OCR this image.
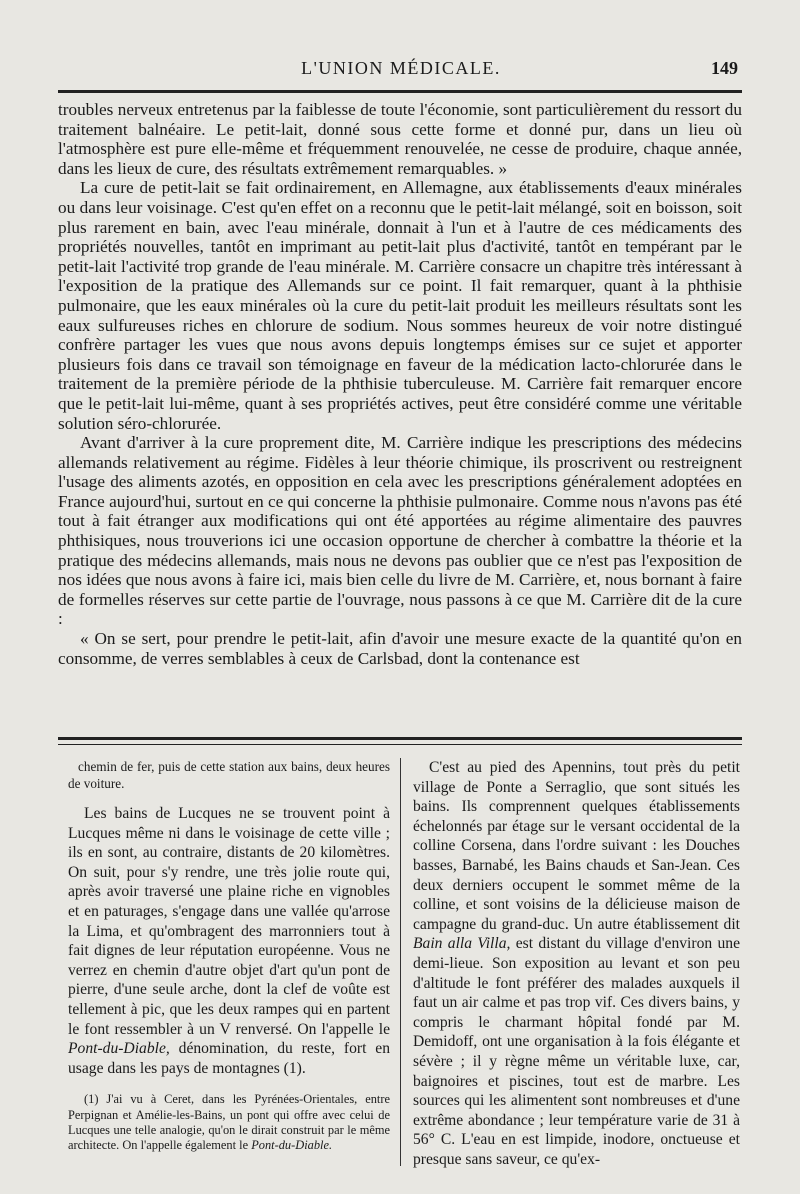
L'UNION MÉDICALE.	149

troubles nerveux entretenus par la faiblesse de toute l'économie, sont particulièrement du ressort du traitement balnéaire. Le petit-lait, donné sous cette forme et donné pur, dans un lieu où l'atmosphère est pure elle-même et fréquemment renouvelée, ne cesse de produire, chaque année, dans les lieux de cure, des résultats extrêmement remarquables. »

La cure de petit-lait se fait ordinairement, en Allemagne, aux établissements d'eaux minérales ou dans leur voisinage. C'est qu'en effet on a reconnu que le petit-lait mélangé, soit en boisson, soit plus rarement en bain, avec l'eau minérale, donnait à l'un et à l'autre de ces médicaments des propriétés nouvelles, tantôt en imprimant au petit-lait plus d'activité, tantôt en tempérant par le petit-lait l'activité trop grande de l'eau minérale. M. Carrière consacre un chapitre très intéressant à l'exposition de la pratique des Allemands sur ce point. Il fait remarquer, quant à la phthisie pulmonaire, que les eaux minérales où la cure du petit-lait produit les meilleurs résultats sont les eaux sulfureuses riches en chlorure de sodium. Nous sommes heureux de voir notre distingué confrère partager les vues que nous avons depuis longtemps émises sur ce sujet et apporter plusieurs fois dans ce travail son témoignage en faveur de la médication lacto-chlorurée dans le traitement de la première période de la phthisie tuberculeuse. M. Carrière fait remarquer encore que le petit-lait lui-même, quant à ses propriétés actives, peut être considéré comme une véritable solution séro-chlorurée.

Avant d'arriver à la cure proprement dite, M. Carrière indique les prescriptions des médecins allemands relativement au régime. Fidèles à leur théorie chimique, ils proscrivent ou restreignent l'usage des aliments azotés, en opposition en cela avec les prescriptions généralement adoptées en France aujourd'hui, surtout en ce qui concerne la phthisie pulmonaire. Comme nous n'avons pas été tout à fait étranger aux modifications qui ont été apportées au régime alimentaire des pauvres phthisiques, nous trouverions ici une occasion opportune de chercher à combattre la théorie et la pratique des médecins allemands, mais nous ne devons pas oublier que ce n'est pas l'exposition de nos idées que nous avons à faire ici, mais bien celle du livre de M. Carrière, et, nous bornant à faire de formelles réserves sur cette partie de l'ouvrage, nous passons à ce que M. Carrière dit de la cure :

« On se sert, pour prendre le petit-lait, afin d'avoir une mesure exacte de la quantité qu'on en consomme, de verres semblables à ceux de Carlsbad, dont la contenance est

chemin de fer, puis de cette station aux bains, deux heures de voiture.

Les bains de Lucques ne se trouvent point à Lucques même ni dans le voisinage de cette ville ; ils en sont, au contraire, distants de 20 kilomètres. On suit, pour s'y rendre, une très jolie route qui, après avoir traversé une plaine riche en vignobles et en paturages, s'engage dans une vallée qu'arrose la Lima, et qu'ombragent des marronniers tout à fait dignes de leur réputation européenne. Vous ne verrez en chemin d'autre objet d'art qu'un pont de pierre, d'une seule arche, dont la clef de voûte est tellement à pic, que les deux rampes qui en partent le font ressembler à un V renversé. On l'appelle le Pont-du-Diable, dénomination, du reste, fort en usage dans les pays de montagnes (1).

(1) J'ai vu à Ceret, dans les Pyrénées-Orientales, entre Perpignan et Amélie-les-Bains, un pont qui offre avec celui de Lucques une telle analogie, qu'on le dirait construit par le même architecte. On l'appelle également le Pont-du-Diable.

C'est au pied des Apennins, tout près du petit village de Ponte a Serraglio, que sont situés les bains. Ils comprennent quelques établissements échelonnés par étage sur le versant occidental de la colline Corsena, dans l'ordre suivant : les Douches basses, Barnabé, les Bains chauds et San-Jean. Ces deux derniers occupent le sommet même de la colline, et sont voisins de la délicieuse maison de campagne du grand-duc. Un autre établissement dit Bain alla Villa, est distant du village d'environ une demi-lieue. Son exposition au levant et son peu d'altitude le font préférer des malades auxquels il faut un air calme et pas trop vif. Ces divers bains, y compris le charmant hôpital fondé par M. Demidoff, ont une organisation à la fois élégante et sévère ; il y règne même un véritable luxe, car, baignoires et piscines, tout est de marbre. Les sources qui les alimentent sont nombreuses et d'une extrême abondance ; leur température varie de 31 à 56° C. L'eau en est limpide, inodore, onctueuse et presque sans saveur, ce qu'ex-
